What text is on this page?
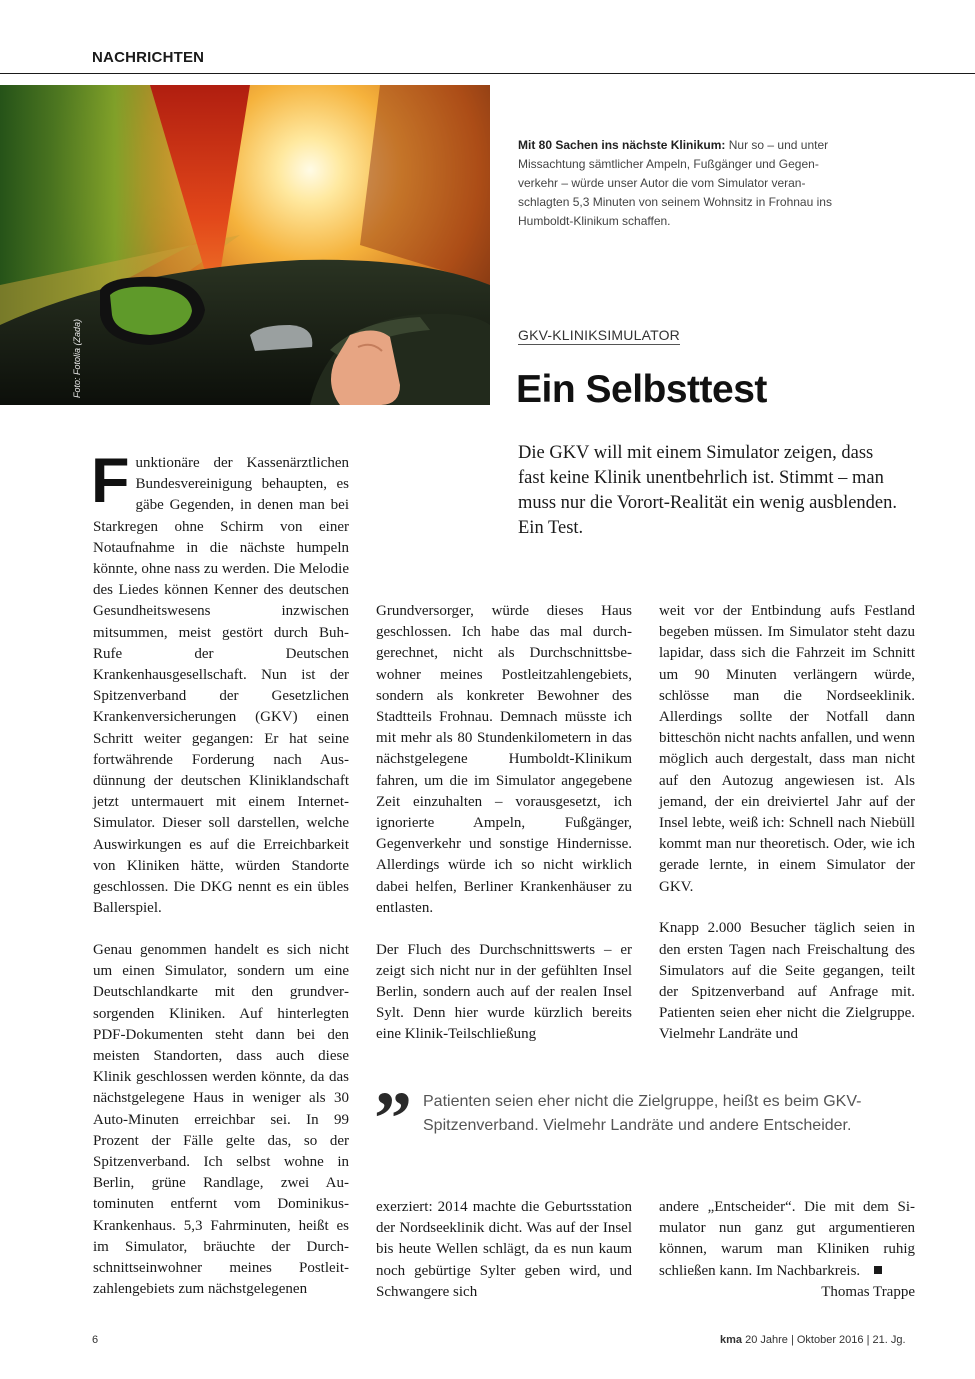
NACHRICHTEN
Foto: Fotolia (Zada)
Mit 80 Sachen ins nächste Klinikum: Nur so – und unter Missachtung sämtlicher Ampeln, Fußgänger und Gegenverkehr – würde unser Autor die vom Simulator veranschlagten 5,3 Minuten von seinem Wohnsitz in Frohnau ins Humboldt-Klinikum schaffen.
GKV-KLINIKSIMULATOR
Ein Selbsttest
Die GKV will mit einem Simulator zeigen, dass fast keine Klinik unentbehrlich ist. Stimmt – man muss nur die Vorort-Realität ein wenig ausblenden. Ein Test.

Funktionäre der Kassenärztlichen Bundesvereinigung behaupten, es gäbe Gegenden, in denen man bei Starkregen ohne Schirm von einer Notaufnahme in die nächste humpeln könnte, ohne nass zu werden. Die Melodie des Liedes können Kenner des deutschen Gesundheitswesens inzwischen mitsummen, meist gestört durch Buh-Rufe der Deutschen Krankenhausgesellschaft. Nun ist der Spitzenverband der Gesetzlichen Krankenversicherungen (GKV) einen Schritt weiter gegangen: Er hat seine fortwährende Forderung nach Ausdünnung der deutschen Kliniklandschaft jetzt untermauert mit einem Internet-Simulator. Dieser soll darstellen, welche Auswirkungen es auf die Erreichbarkeit von Kliniken hätte, würden Standorte geschlossen. Die DKG nennt es ein übles Ballerspiel.

Genau genommen handelt es sich nicht um einen Simulator, sondern um eine Deutschlandkarte mit den grundversorgenden Kliniken. Auf hinterlegten PDF-Dokumenten steht dann bei den meisten Standorten, dass auch diese Klinik geschlossen werden könnte, da das nächstgelegene Haus in weniger als 30 Auto-Minuten erreichbar sei. In 99 Prozent der Fälle gelte das, so der Spitzenverband. Ich selbst wohne in Berlin, grüne Randlage, zwei Autominuten entfernt vom Dominikus-Krankenhaus. 5,3 Fahrminuten, heißt es im Simulator, bräuchte der Durchschnittseinwohner meines Postleitzahlengebiets zum nächstgelegenen

Grundversorger, würde dieses Haus geschlossen. Ich habe das mal durchgerechnet, nicht als Durchschnittsbewohner meines Postleitzahlengebiets, sondern als konkreter Bewohner des Stadtteils Frohnau. Demnach müsste ich mit mehr als 80 Stundenkilometern in das nächstgelegene Humboldt-Klinikum fahren, um die im Simulator angegebene Zeit einzuhalten – vorausgesetzt, ich ignorierte Ampeln, Fußgänger, Gegenverkehr und sonstige Hindernisse. Allerdings würde ich so nicht wirklich dabei helfen, Berliner Krankenhäuser zu entlasten.

Der Fluch des Durchschnittswerts – er zeigt sich nicht nur in der gefühlten Insel Berlin, sondern auch auf der realen Insel Sylt. Denn hier wurde kürzlich bereits eine Klinik-Teilschließung

weit vor der Entbindung aufs Festland begeben müssen. Im Simulator steht dazu lapidar, dass sich die Fahrzeit im Schnitt um 90 Minuten verlängern würde, schlösse man die Nordseeklinik. Allerdings sollte der Notfall dann bitteschön nicht nachts anfallen, und wenn möglich auch dergestalt, dass man nicht auf den Autozug angewiesen ist. Als jemand, der ein dreiviertel Jahr auf der Insel lebte, weiß ich: Schnell nach Niebüll kommt man nur theoretisch. Oder, wie ich gerade lernte, in einem Simulator der GKV.

Knapp 2.000 Besucher täglich seien in den ersten Tagen nach Freischaltung des Simulators auf die Seite gegangen, teilt der Spitzenverband auf Anfrage mit. Patienten seien eher nicht die Zielgruppe. Vielmehr Landräte und

” Patienten seien eher nicht die Zielgruppe, heißt es beim GKV-Spitzenverband. Vielmehr Landräte und andere Entscheider.

exerziert: 2014 machte die Geburtsstation der Nordseeklinik dicht. Was auf der Insel bis heute Wellen schlägt, da es nun kaum noch gebürtige Sylter geben wird, und Schwangere sich

andere „Entscheider“. Die mit dem Simulator nun ganz gut argumentieren können, warum man Kliniken ruhig schließen kann. Im Nachbarkreis.
Thomas Trappe

6	kma 20 Jahre | Oktober 2016 | 21. Jg.
